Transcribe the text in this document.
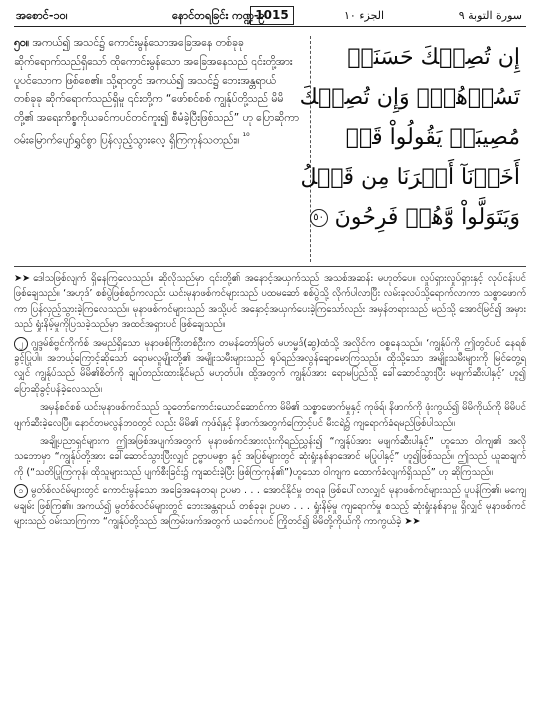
အစောင်-၁၀၊	နောင်တရခြင်း ကဏ္ဍ-၉
1015	الجزء ١٠	سورة التوبة ٩

၅၀။ အကယ်၍ အသင်၌ ကောင်းမွန်သောအခြေအနေ တစ်ခုခု ဆိုက်ရောက်သည်ရှိသော် ထိုကောင်းမွန်သော အခြေအနေသည် ၎င်းတို့အား ပူပင်သောက ဖြစ်စေ၏။ သို့ရာတွင် အကယ်၍ အသင်၌ ဘေးအန္တရာယ် တစ်ခုခု ဆိုက်ရောက်သည်ရှိမူ ၎င်းတို့က “ဖော်စင်စစ် ကျွန်ုပ်တို့သည် မိမိတို့၏ အရေးကိစ္စကိုယခင်ကပင်တင်ကူး၍ စီမံခဲ့ပြီးဖြစ်သည်” ဟု ပြောဆိုကာ ဝမ်းမြောက်ပျော်ရွှင်စွာ ပြန်လှည့်သွားလေ့ ရှိကြကုန်သတည်း။ $^{^{10}}$

إِن تُصِبۡكَ حَسَنَةٞ
تَسُؤۡهُمۡۖ وَإِن تُصِبۡكَ
مُصِيبَةٞ يَقُولُواْ قَدۡ
أَخَذۡنَآ أَمۡرَنَا مِن قَبۡلُ
وَيَتَوَلَّواْ وَّهُمۡ فَرِحُونَ ٥٠

➤➤ ဒေါသဖြစ်လျက် ရှိနေကြလေသည်။ ဆိုလိုသည်မှာ ၎င်းတို့၏ အနောင့်အယှက်သည် အသစ်အဆန်း မဟုတ်ပေ။ လှုပ်ရှားလှုပ်ရှားနှင့် လုပ်ငန်းပင် ဖြစ်ချေသည်။ ‘အဟုဒ်’ စစ်ပွဲဖြစ်စဉ်ကလည်း ယင်းမုနာဖစ်ကင်များသည် ပထမဆော် စစ်ပွဲသို့ လိုက်ပါလာပြီး လမ်းခုလပ်သို့ရောက်လာကာ သစ္စာဖောက်ကာ ပြန်လှည့်သွားခဲ့ကြလေသည်။ မုနာဖစ်ကင်များသည် အသို့ပင် အနှောင့်အယှက်ပေးခဲ့ကြသော်လည်း အမှန်တရားသည် မည်သို့ အောင်မြင်၍ အမှားသည် ရှုံးနိမ့်မှုကိုပြသခဲ့သည်မှာ အထင်အရှားပင် ဖြစ်ချေသည်။

၂ ဂျွဒ္ဒမ်စ်ဗ္ဗင်ကိုက်စ် အမည်ရှိသော မုနာဖစ်ကြီးတစ်ဦးက တမန်တော်မြတ် မဟမ္မဒ်(ဆွ)ထံသို့ အလိုင်က ဝစ္စနေသည်။ ‘ကျွန်ုပ်ကို ဤတွင်ပင် နေရစ်ခွင့်ပြုပါ။ အဘယ့်ကြောင့်ဆိုသော် ရောမလူမျိုးတို့၏ အမျိုးသမီးများသည် ရုပ်ရည်အလွန်ချောမောကြသည်။ ထိုသို့သော အမျိုးသမီးများကို မြင်တွေ့ရလျှင် ကျွန်ုပ်သည် မိမိ၏စိတ်ကို ချုပ်တည်းထားနိုင်မည် မဟုတ်ပါ။ ထို့အတွက် ကျွန်ုပ်အား ရောမပြည်သို့ ခေါ်ဆောင်သွားပြီး မဖျက်ဆီးပါနှင့်’ ဟူ၍ ပြောဆိုခွင့်ပန်ခဲ့လေသည်။

အမှန်စင်စစ် ယင်းမုနာဖစ်ကင်သည် သူတော်ကောင်းယောင်ဆောင်ကာ မိမိ၏ သစ္စာဖောက်မှုနှင့် ကုဖ်ရ်၊ နိဖာက်ကို ဖုံးကွယ်၍ မိမိကိုယ်ကို မိမိပင် ဖျက်ဆီးခဲ့လေပြီ။ နောင်တမလွန်ဘဝတွင် လည်း မိမိ၏ ကုဖ်ရ်နှင့် နိဖာက်အတွက်ကြောင့်ပင် မီးငရဲ၌ ကျရောက်ခံရမည်ဖြစ်ပါသည်။

အချို့ပညာရှင်များက ဤအဖြစ်အပျက်အတွက် မုနာဖစ်ကင်အားလုံးကိုရည်ညွှန်း၍ “ကျွန်ုပ်အား မဖျက်ဆီးပါနှင့်” ဟူသော ဝါကျ၏ အလိုသဘောမှာ “ကျွန်ုပ်တို့အား ခေါ်ဆောင်သွားပြီးလျှင် ဥဗ္ဗာပမစွာ နှင့် အပြစ်များတွင် ဆုံးရှုံးနစ်နာအောင် မပြုပါနှင့်” ဟူ၍ဖြစ်သည်။ ဤသည် ယူဆချက်ကို (“သတိပြုကြကုန်၊ ထိုသူများသည် ပျက်စီးခြင်း၌ ကျဆင်းခဲ့ပြီး ဖြစ်ကြကုန်၏”)ဟူသော ဝါကျက ထောက်ခံလျက်ရှိသည်” ဟု ဆိုကြသည်။

၁ မွတ်စ်လင်မ်များတွင် ကောင်းမွန်သော အခြေအနေတရ၊ ဥပမာ . . . အောင်နိုင်မှု တရခု ဖြစ်ပေါ်လာလျှင် မုနာဖစ်ကင်များသည် ပူပန်ကြ၏၊ မကျေမချမ်း ဖြစ်ကြ၏။ အကယ်၍ မွတ်စ်လင်မ်များတွင် ဘေးအန္တရာယ် တစ်ခုခု၊ ဥပမာ . . . ရှုံးနိမ့်မှု ကျရောက်မှု စသည့် ဆုံးရှုံးနစ်နာမှု ရှိလျှင် မုနာဖစ်ကင်များသည် ဝမ်းသာကြကာ “ကျွန်ုပ်တို့သည် အကြမ်းဖက်အတွက် ယခင်ကပင် ကြိုတင်၍ မိမိတို့ကိုယ်ကို ကာကွယ်ခဲ့ ➤➤
